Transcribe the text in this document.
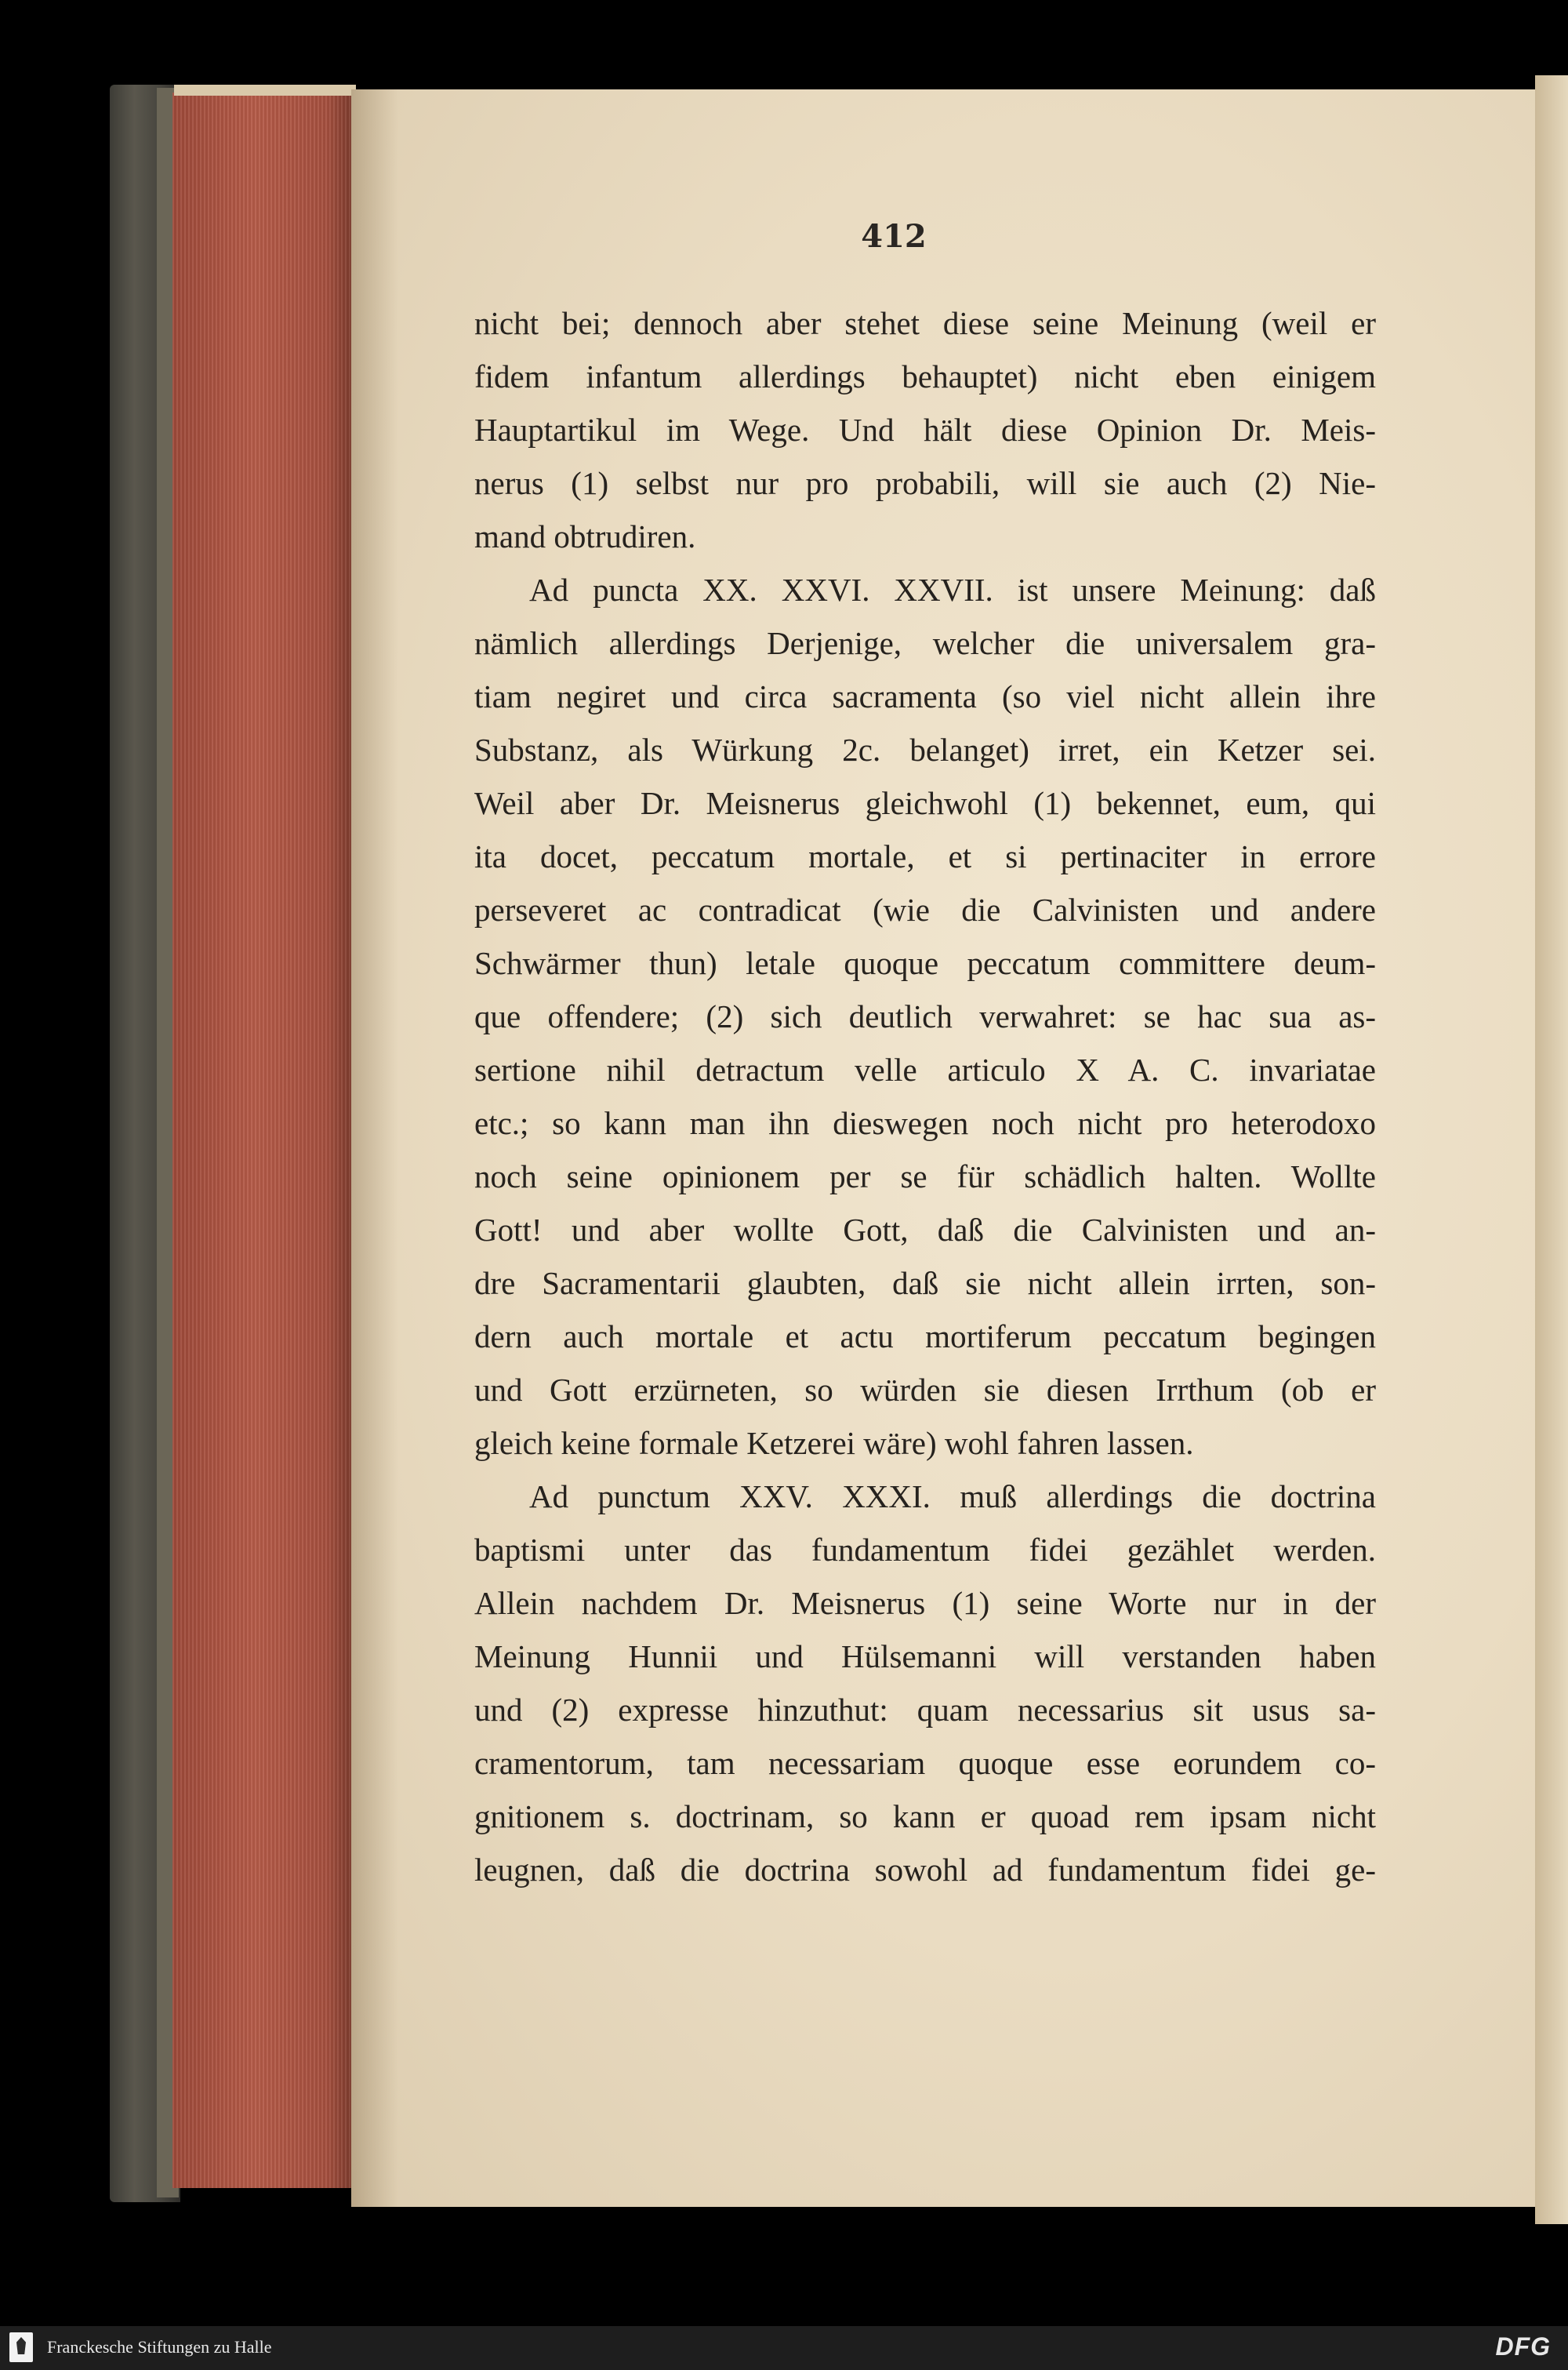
412
nicht bei; dennoch aber stehet diese seine Meinung (weil er
fidem infantum allerdings behauptet) nicht eben einigem
Hauptartikul im Wege. Und hält diese Opinion Dr. Meis-
nerus (1) selbst nur pro probabili, will sie auch (2) Nie-
mand obtrudiren.
Ad puncta XX. XXVI. XXVII. ist unsere Meinung: daß
nämlich allerdings Derjenige, welcher die universalem gra-
tiam negiret und circa sacramenta (so viel nicht allein ihre
Substanz, als Würkung 2c. belanget) irret, ein Ketzer sei.
Weil aber Dr. Meisnerus gleichwohl (1) bekennet, eum, qui
ita docet, peccatum mortale, et si pertinaciter in errore
perseveret ac contradicat (wie die Calvinisten und andere
Schwärmer thun) letale quoque peccatum committere deum-
que offendere; (2) sich deutlich verwahret: se hac sua as-
sertione nihil detractum velle articulo X A. C. invariatae
etc.; so kann man ihn dieswegen noch nicht pro heterodoxo
noch seine opinionem per se für schädlich halten. Wollte
Gott! und aber wollte Gott, daß die Calvinisten und an-
dre Sacramentarii glaubten, daß sie nicht allein irrten, son-
dern auch mortale et actu mortiferum peccatum begingen
und Gott erzürneten, so würden sie diesen Irrthum (ob er
gleich keine formale Ketzerei wäre) wohl fahren lassen.
Ad punctum XXV. XXXI. muß allerdings die doctrina
baptismi unter das fundamentum fidei gezählet werden.
Allein nachdem Dr. Meisnerus (1) seine Worte nur in der
Meinung Hunnii und Hülsemanni will verstanden haben
und (2) expresse hinzuthut: quam necessarius sit usus sa-
cramentorum, tam necessariam quoque esse eorundem co-
gnitionem s. doctrinam, so kann er quoad rem ipsam nicht
leugnen, daß die doctrina sowohl ad fundamentum fidei ge-
Franckesche Stiftungen zu Halle	DFG
